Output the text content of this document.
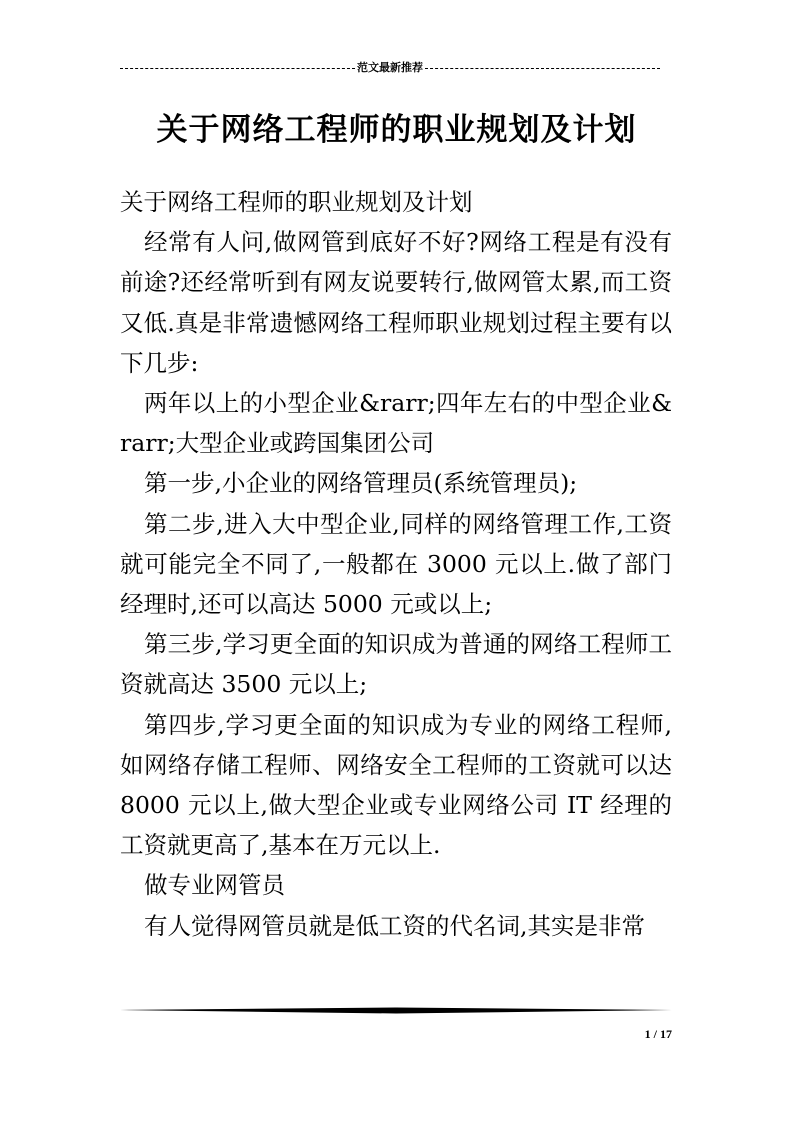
范文最新推荐
关于网络工程师的职业规划及计划

关于网络工程师的职业规划及计划

经常有人问,做网管到底好不好?网络工程是有没有前途?还经常听到有网友说要转行,做网管太累,而工资又低.真是非常遗憾网络工程师职业规划过程主要有以下几步:

两年以上的小型企业&rarr;四年左右的中型企业&rarr;大型企业或跨国集团公司

第一步,小企业的网络管理员(系统管理员);

第二步,进入大中型企业,同样的网络管理工作,工资就可能完全不同了,一般都在 3000 元以上.做了部门经理时,还可以高达 5000 元或以上;

第三步,学习更全面的知识成为普通的网络工程师工资就高达 3500 元以上;

第四步,学习更全面的知识成为专业的网络工程师,如网络存储工程师、网络安全工程师的工资就可以达 8000 元以上,做大型企业或专业网络公司 IT 经理的工资就更高了,基本在万元以上.

做专业网管员

有人觉得网管员就是低工资的代名词,其实是非常

1 / 17
